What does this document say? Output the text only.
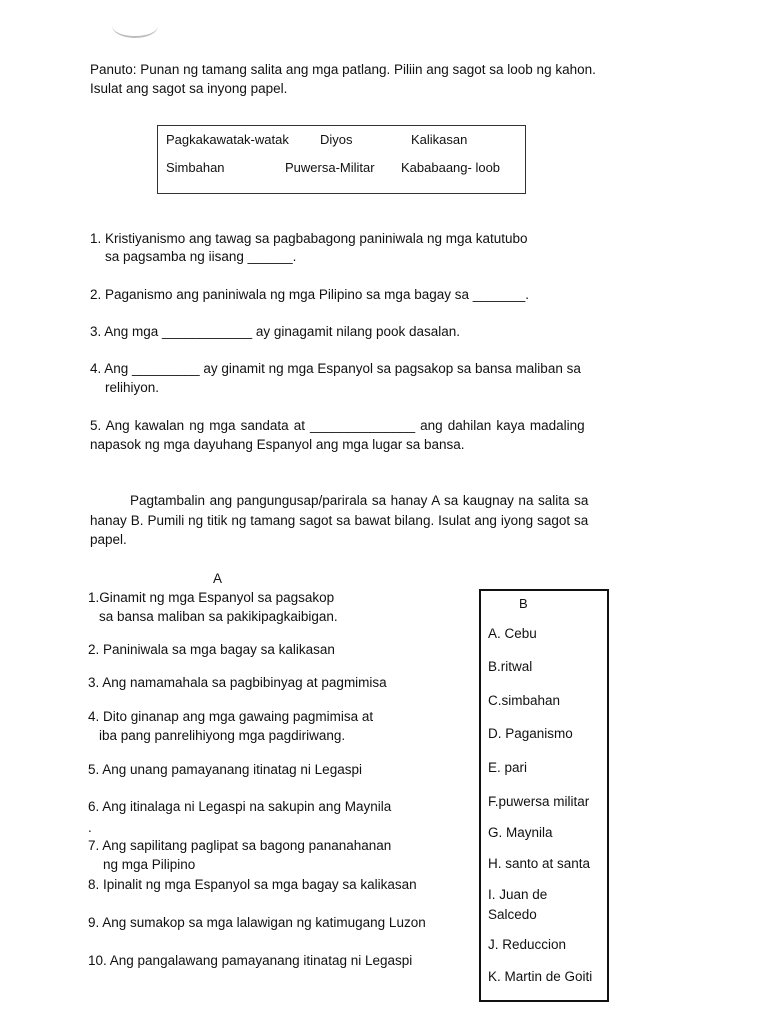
Panuto: Punan ng tamang salita ang mga patlang. Piliin ang sagot sa loob ng kahon.
Isulat ang sagot sa inyong papel.
Pagkakawatak-watak Diyos	Kalikasan
Simbahan	Puwersa-Militar Kababaang- loob
1. Kristiyanismo ang tawag sa pagbabagong paniniwala ng mga katutubo
sa pagsamba ng iisang ______.
2. Paganismo ang paniniwala ng mga Pilipino sa mga bagay sa _______.
3. Ang mga ____________ ay ginagamit nilang pook dasalan.
4. Ang _________ ay ginamit ng mga Espanyol sa pagsakop sa bansa maliban sa
relihiyon.
5. Ang kawalan ng mga sandata at ______________ ang dahilan kaya madaling
napasok ng mga dayuhang Espanyol ang mga lugar sa bansa.
Pagtambalin ang pangungusap/parirala sa hanay A sa kaugnay na salita sa
hanay B. Pumili ng titik ng tamang sagot sa bawat bilang. Isulat ang iyong sagot sa
papel.
A
1.Ginamit ng mga Espanyol sa pagsakop
sa bansa maliban sa pakikipagkaibigan.
2. Paniniwala sa mga bagay sa kalikasan
3. Ang namamahala sa pagbibinyag at pagmimisa
4. Dito ginanap ang mga gawaing pagmimisa at
iba pang panrelihiyong mga pagdiriwang.
5. Ang unang pamayanang itinatag ni Legaspi
6. Ang itinalaga ni Legaspi na sakupin ang Maynila
.
7. Ang sapilitang paglipat sa bagong pananahanan
ng mga Pilipino
8. Ipinalit ng mga Espanyol sa mga bagay sa kalikasan
9. Ang sumakop sa mga lalawigan ng katimugang Luzon
10. Ang pangalawang pamayanang itinatag ni Legaspi
B
A. Cebu
B.ritwal
C.simbahan
D. Paganismo
E. pari
F.puwersa militar
G. Maynila
H. santo at santa
I. Juan de
Salcedo
J. Reduccion
K. Martin de Goiti
